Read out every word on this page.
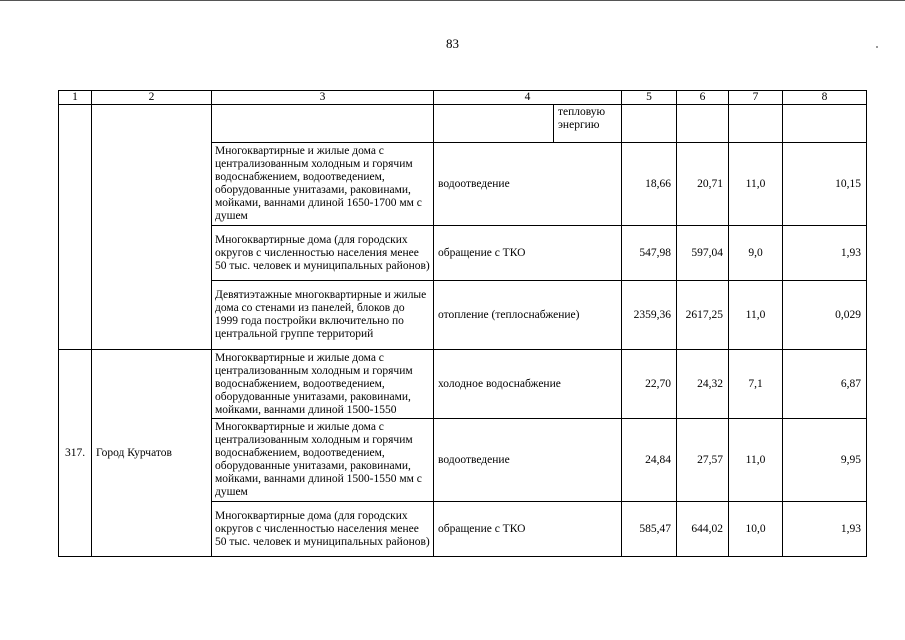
83
1	2	3	4		5	6	7	8
				тепловую энергию				
		Многоквартирные и жилые дома с централизованным холодным и горячим водоснабжением, водоотведением, оборудованные унитазами, раковинами, мойками, ваннами длиной 1650-1700 мм с душем	водоотведение		18,66	20,71	11,0	10,15
		Многоквартирные дома (для городских округов с численностью населения менее 50 тыс. человек и муниципальных районов)	обращение с ТКО		547,98	597,04	9,0	1,93
		Девятиэтажные многоквартирные и жилые дома со стенами из панелей, блоков до 1999 года постройки включительно по центральной группе территорий	отопление (теплоснабжение)		2359,36	2617,25	11,0	0,029
317.	Город Курчатов	Многоквартирные и жилые дома с централизованным холодным и горячим водоснабжением, водоотведением, оборудованные унитазами, раковинами, мойками, ваннами длиной 1500-1550	холодное водоснабжение		22,70	24,32	7,1	6,87
		Многоквартирные и жилые дома с централизованным холодным и горячим водоснабжением, водоотведением, оборудованные унитазами, раковинами, мойками, ваннами длиной 1500-1550 мм с душем	водоотведение		24,84	27,57	11,0	9,95
		Многоквартирные дома (для городских округов с численностью населения менее 50 тыс. человек и муниципальных районов)	обращение с ТКО		585,47	644,02	10,0	1,93
